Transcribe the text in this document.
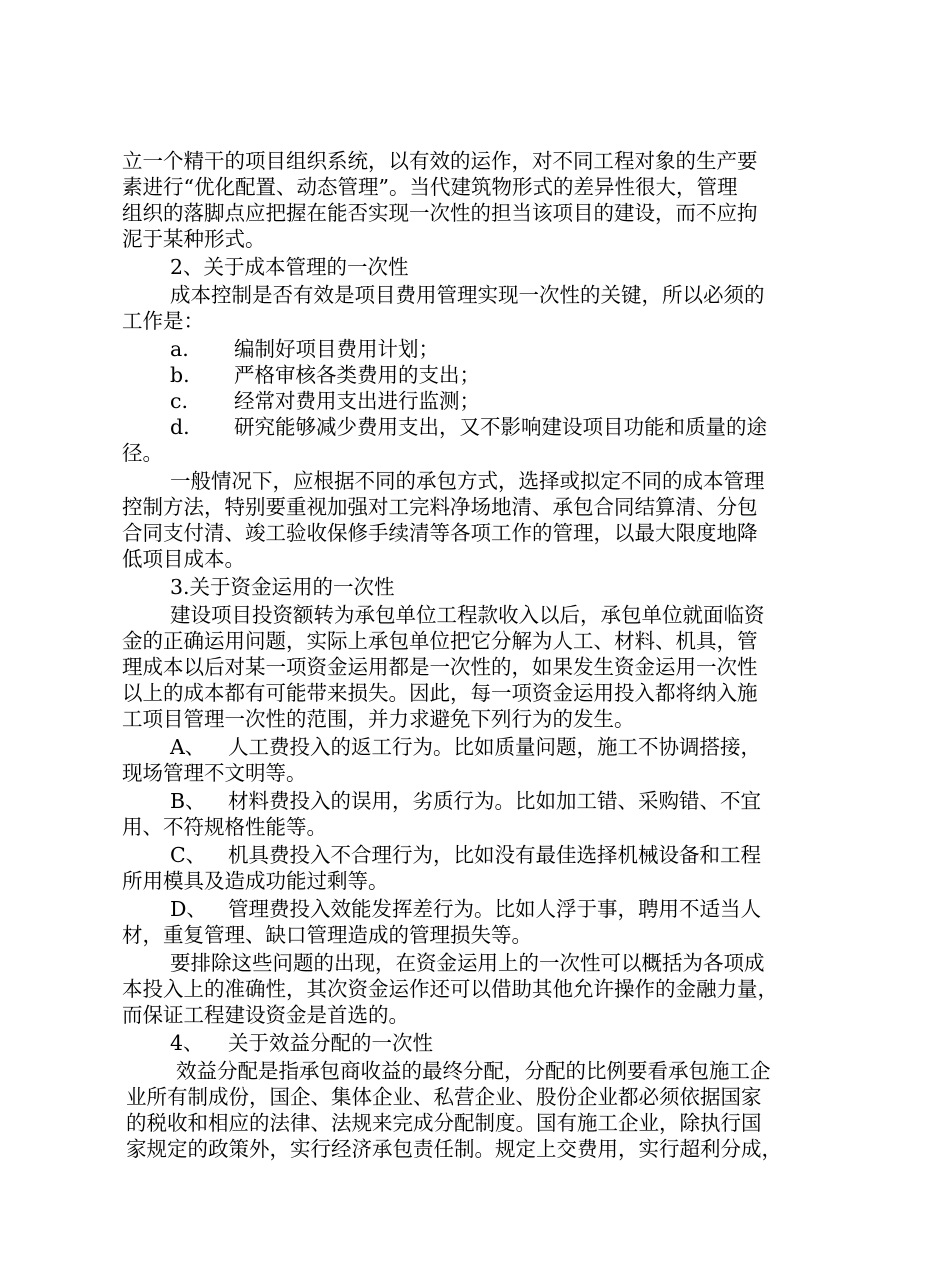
立一个精干的项目组织系统，以有效的运作，对不同工程对象的生产要
素进行“优化配置、动态管理”。当代建筑物形式的差异性很大，管理
组织的落脚点应把握在能否实现一次性的担当该项目的建设，而不应拘
泥于某种形式。
2、关于成本管理的一次性
成本控制是否有效是项目费用管理实现一次性的关键，所以必须的
工作是：
a. 编制好项目费用计划；
b. 严格审核各类费用的支出；
c. 经常对费用支出进行监测；
d. 研究能够减少费用支出，又不影响建设项目功能和质量的途
径。
一般情况下，应根据不同的承包方式，选择或拟定不同的成本管理
控制方法，特别要重视加强对工完料净场地清、承包合同结算清、分包
合同支付清、竣工验收保修手续清等各项工作的管理，以最大限度地降
低项目成本。
3.关于资金运用的一次性
建设项目投资额转为承包单位工程款收入以后，承包单位就面临资
金的正确运用问题，实际上承包单位把它分解为人工、材料、机具，管
理成本以后对某一项资金运用都是一次性的，如果发生资金运用一次性
以上的成本都有可能带来损失。因此，每一项资金运用投入都将纳入施
工项目管理一次性的范围，并力求避免下列行为的发生。
A、 人工费投入的返工行为。比如质量问题，施工不协调搭接，
现场管理不文明等。
B、 材料费投入的误用，劣质行为。比如加工错、采购错、不宜
用、不符规格性能等。
C、 机具费投入不合理行为，比如没有最佳选择机械设备和工程
所用模具及造成功能过剩等。
D、 管理费投入效能发挥差行为。比如人浮于事，聘用不适当人
材，重复管理、缺口管理造成的管理损失等。
要排除这些问题的出现，在资金运用上的一次性可以概括为各项成
本投入上的准确性，其次资金运作还可以借助其他允许操作的金融力量，
而保证工程建设资金是首选的。
4、 关于效益分配的一次性
效益分配是指承包商收益的最终分配，分配的比例要看承包施工企
业所有制成份，国企、集体企业、私营企业、股份企业都必须依据国家
的税收和相应的法律、法规来完成分配制度。国有施工企业，除执行国
家规定的政策外，实行经济承包责任制。规定上交费用，实行超利分成，
